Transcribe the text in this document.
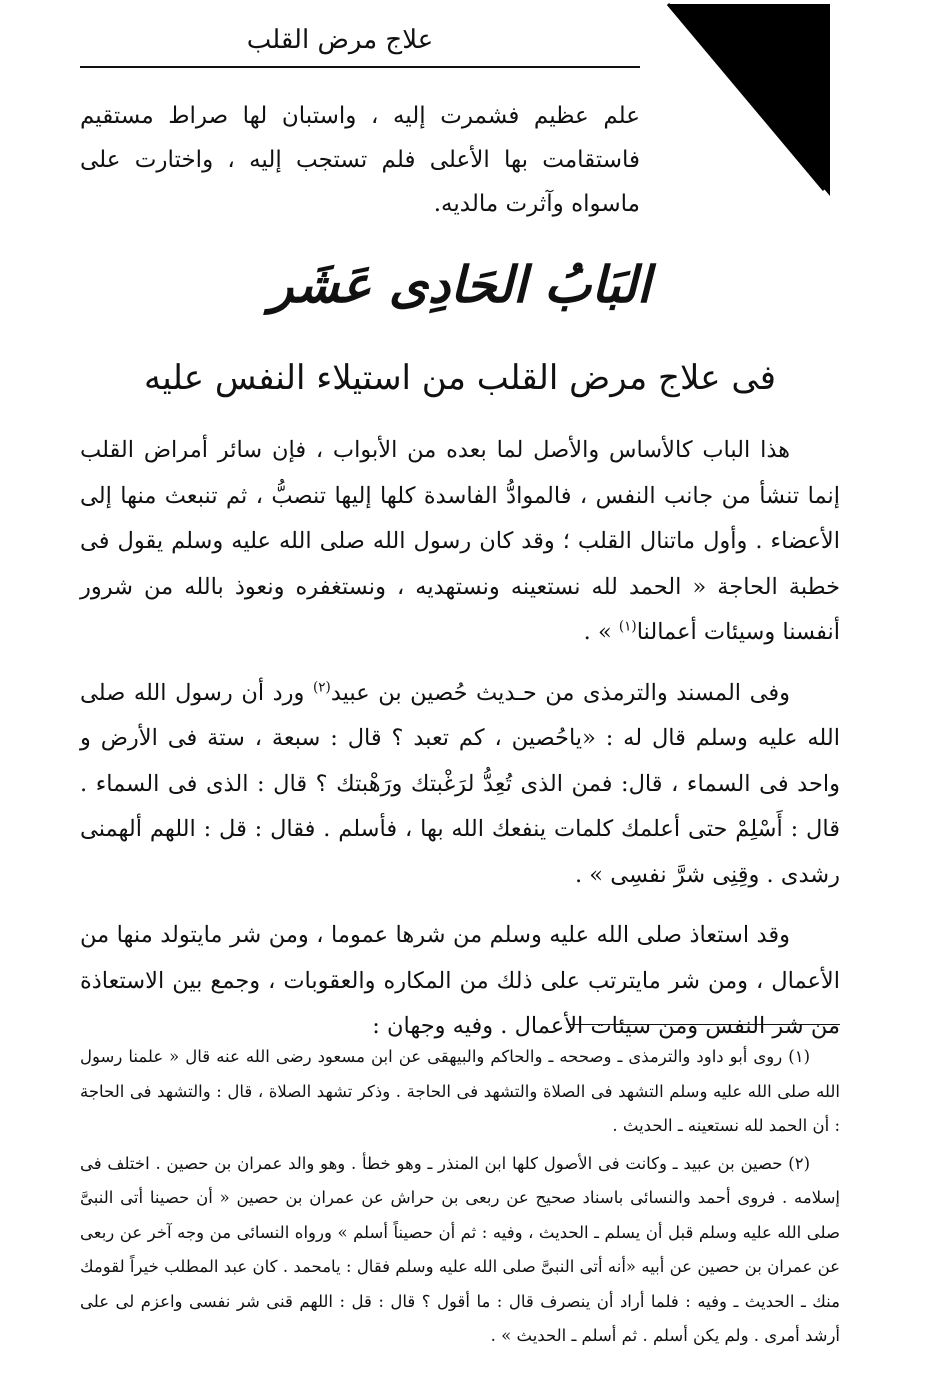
علاج مرض القلب

علم عظيم فشمرت إليه ، واستبان لها صراط مستقيم فاستقامت بها الأعلى فلم تستجب إليه ، واختارت على ماسواه وآثرت مالديه.

البَابُ الحَادِى عَشَر
فى علاج مرض القلب من استيلاء النفس عليه

هذا الباب كالأساس والأصل لما بعده من الأبواب ، فإن سائر أمراض القلب إنما تنشأ من جانب النفس ، فالموادُّ الفاسدة كلها إليها تنصبُّ ، ثم تنبعث منها إلى الأعضاء . وأول ماتنال القلب ؛ وقد كان رسول الله صلى الله عليه وسلم يقول فى خطبة الحاجة « الحمد لله نستعينه ونستهديه ، ونستغفره ونعوذ بالله من شرور أنفسنا وسيئات أعمالنا$^{(١)}$ » .

وفى المسند والترمذى من حـديث حُصين بن عبيد$^{(٢)}$ ورد أن رسول الله صلى الله عليه وسلم قال له : «ياحُصين ، كم تعبد ؟ قال : سبعة ، ستة فى الأرض و واحد فى السماء ، قال: فمن الذى تُعِدُّ لرَغْبتك ورَهْبتك ؟ قال : الذى فى السماء . قال : أَسْلِمْ حتى أعلمك كلمات ينفعك الله بها ، فأسلم . فقال : قل : اللهم ألهمنى رشدى . وقِنِى شرَّ نفسِى » .

وقد استعاذ صلى الله عليه وسلم من شرها عموما ، ومن شر مايتولد منها من الأعمال ، ومن شر مايترتب على ذلك من المكاره والعقوبات ، وجمع بين الاستعاذة من شر النفس ومن سيئات الأعمال . وفيه وجهان :

(١) روى أبو داود والترمذى ـ وصححه ـ والحاكم والبيهقى عن ابن مسعود رضى الله عنه قال « علمنا رسول الله صلى الله عليه وسلم التشهد فى الصلاة والتشهد فى الحاجة . وذكر تشهد الصلاة ، قال : والتشهد فى الحاجة : أن الحمد لله نستعينه ـ الحديث .

(٢) حصين بن عبيد ـ وكانت فى الأصول كلها ابن المنذر ـ وهو خطأ . وهو والد عمران بن حصين . اختلف فى إسلامه . فروى أحمد والنسائى باسناد صحيح عن ربعى بن حراش عن عمران بن حصين « أن حصينا أتى النبىَّ صلى الله عليه وسلم قبل أن يسلم ـ الحديث ، وفيه : ثم أن حصيناً أسلم » ورواه النسائى من وجه آخر عن ربعى عن عمران بن حصين عن أبيه «أنه أتى النبىَّ صلى الله عليه وسلم فقال : يامحمد . كان عبد المطلب خيراً لقومك منك ـ الحديث ـ وفيه : فلما أراد أن ينصرف قال : ما أقول ؟ قال : قل : اللهم قنى شر نفسى واعزم لى على أرشد أمرى . ولم يكن أسلم . ثم أسلم ـ الحديث » .
